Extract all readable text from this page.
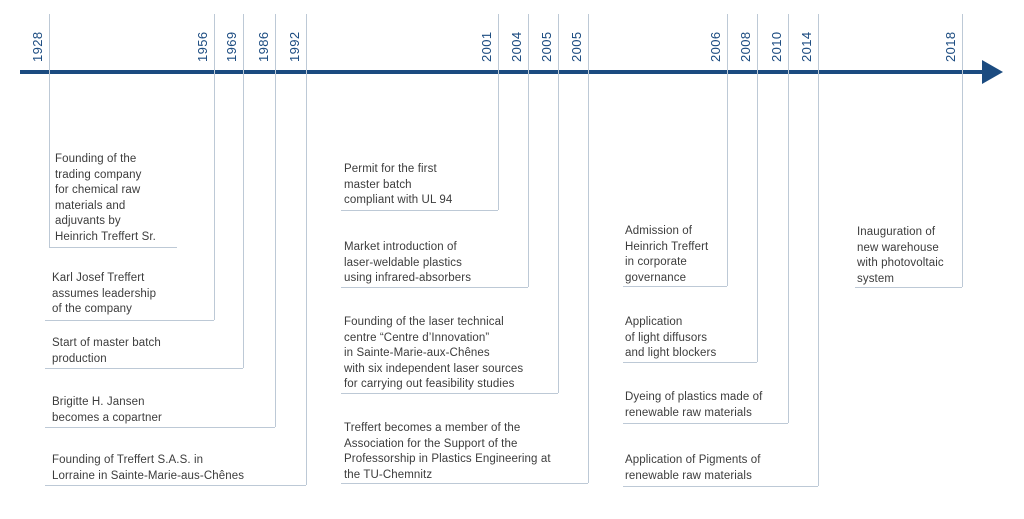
1928
Founding of the
trading company
for chemical raw
materials and
adjuvants by
Heinrich Treffert Sr.
1956
Karl Josef Treffert
assumes leadership
of the company
1969
Start of master batch
production
1986
Brigitte H. Jansen
becomes a copartner
1992
Founding of Treffert S.A.S. in
Lorraine in Sainte-Marie-aus-Chênes
2001
Permit for the first
master batch
compliant with UL 94
2004
Market introduction of
laser-weldable plastics
using infrared-absorbers
2005
Founding of the laser technical
centre “Centre d’Innovation”
in Sainte-Marie-aux-Chênes
with six independent laser sources
for carrying out feasibility studies
2005
Treffert becomes a member of the
Association for the Support of the
Professorship in Plastics Engineering at
the TU-Chemnitz
2006
Admission of
Heinrich Treffert
in corporate
governance
2008
Application
of light diffusors
and light blockers
2010
Dyeing of plastics made of
renewable raw materials
2014
Application of Pigments of
renewable raw materials
2018
Inauguration of
new warehouse
with photovoltaic
system
